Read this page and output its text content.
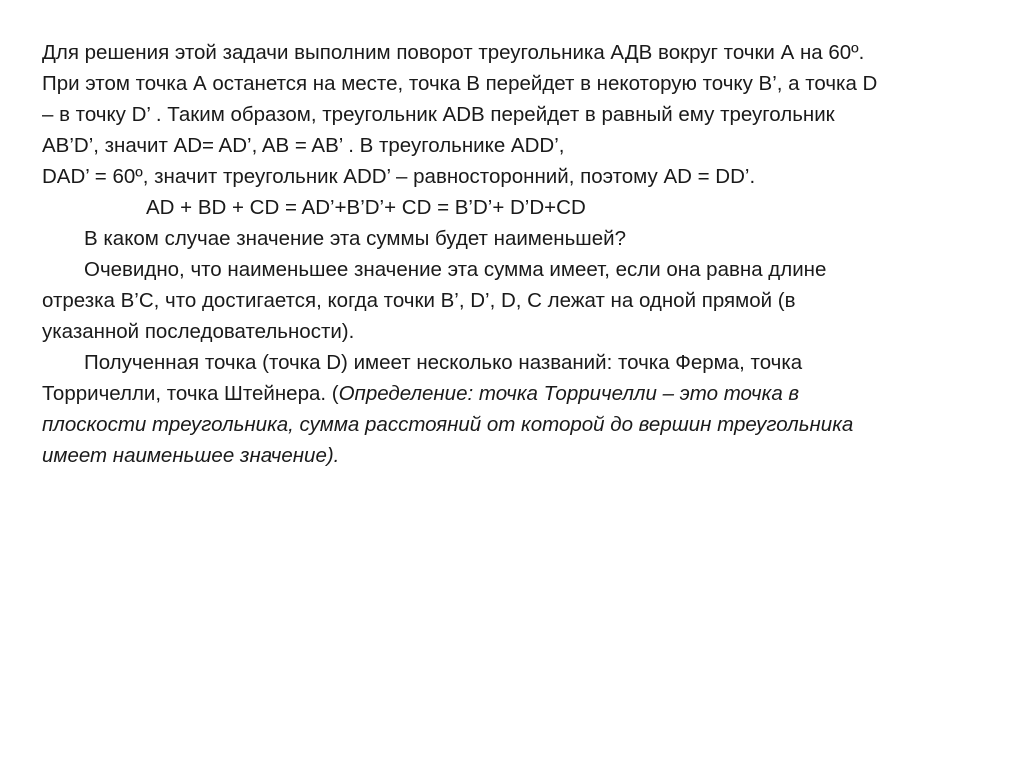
Для решения этой задачи выполним поворот треугольника АДВ вокруг точки А на 60º.
При этом точка А останется на месте, точка В перейдет в некоторую точку В’, а точка D
– в точку D’ . Таким образом, треугольник ADB перейдет в равный ему треугольник
AB’D’, значит AD= AD’, AB = AB’ . В треугольнике ADD’,
DAD’ = 60º, значит треугольник ADD’ – равносторонний, поэтому AD = DD’.
AD + BD + CD = AD’+B’D’+ CD = B’D’+ D’D+CD
В каком случае значение эта суммы будет наименьшей?
Очевидно, что наименьшее значение эта сумма имеет, если она равна длине
отрезка В’С, что достигается, когда точки В’, D’, D, C лежат на одной прямой (в
указанной последовательности).
Полученная точка (точка D) имеет несколько названий: точка Ферма, точка
Торричелли, точка Штейнера. (Определение: точка Торричелли – это точка в
плоскости треугольника, сумма расстояний от которой до вершин треугольника
имеет наименьшее значение).
